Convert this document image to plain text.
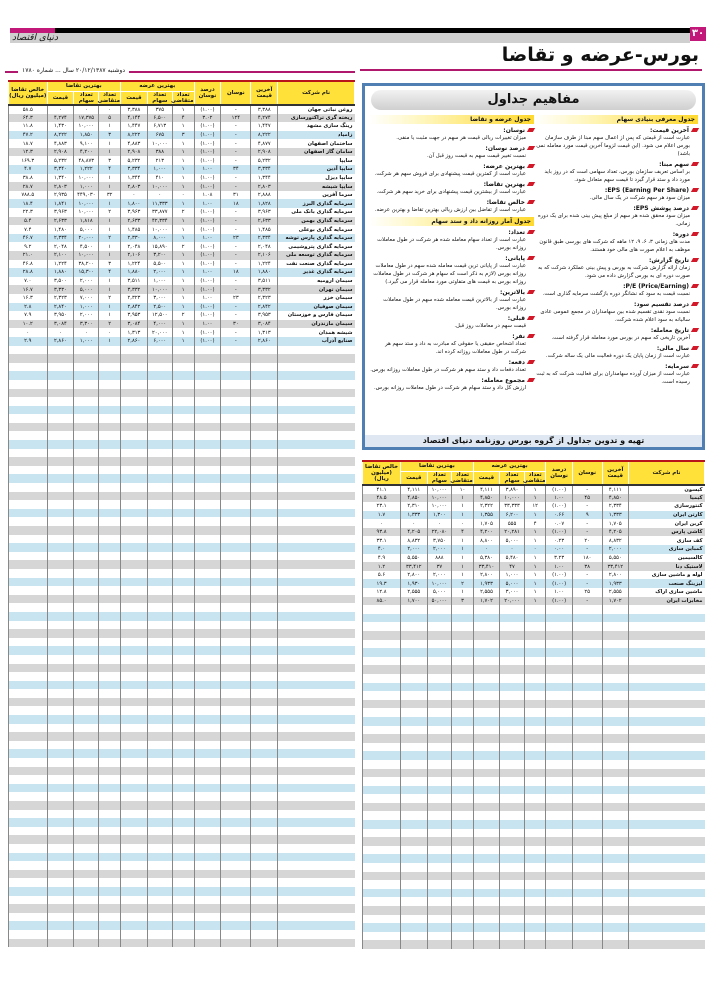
۳۰
دنیای اقتصاد
بورس-عرضه و تقاضا
دوشنبه ۲۰/۱۲/۱۳۸۷ سال ... شماره ۱۷۸۰
نام شرکت	آخرین قیمت	نوسان	درصد نوسان	بهترین عرضه			بهترین تقاضا			خالص تقاضا (میلیون ریال)
				تعداد متقاضی	تعداد سهام	قیمت	تعداد متقاضی	تعداد سهام	قیمت	
روغن نباتی جهان	۳,۳۸۸	-	(۱.۰۰)	۱	۳۷۵	۳,۳۸۸	۰	۰	۰	۵۸.۵
ریخته گری تراکتورسازی	۴,۲۷۴	۱۲۴	۳.۰۲	۴	۶,۵۰۰	۴,۱۴۴	۵	۱۷,۳۷۵	۴,۲۷۴	۶۴.۳
رینگ سازی مشهد	۱,۴۴۷	-	(۱.۰۰)	۱	۶,۷۱۳	۱,۴۴۷	۱	۱۰,۰۰۰	۱,۴۳۰	۱۱.۸
زامیاد	۸,۲۲۲	-	(۱.۰۰)	۳	۶۷۵	۸,۲۲۲	۳	۱,۸۵۰	۸,۲۲۲	۴۷.۲
ساختمان اصفهان	۴,۸۷۷	-	(۱.۰۰)	۱	۱۰,۰۰۰	۴,۸۸۳	۱	۹,۱۰۰	۴,۸۸۳	۱۸.۷
سامان گاز اصفهان	۲,۹۰۸	-	(۱.۰۰)	۱	۳۸۸	۲,۹۰۸	۱	۴,۲۰۰	۲,۹۰۸	۱۲.۳
سایپا	۵,۲۳۲	-	(۱.۰۰)	۱	۲۱۳	۵,۲۳۲	۳	۴۸,۸۷۳	۵,۲۳۲	۱۶۹.۳
سایپا آذین	۳,۳۳۴	۳۴	۱.۰۰	۱	۱,۰۰۰	۳,۳۳۴	۴	۱,۲۲۲	۳,۳۴۰	۴.۷
سایپا دیزل	۱,۳۴۴	-	(۱.۰۰)	۱	۴۱۰	۱,۳۴۴	۱	۱۰,۰۰۰	۱,۳۴۰	۳۸.۸
سایپا شیشه	۲,۸۰۳	-	(۱.۰۰)	۱	۱۰,۰۰۰	۲,۸۰۳	۱	۱,۰۰۰	۲,۸۰۳	۲۸.۷
سرما آفرین	۲,۸۸۸	۳۱	۱.۰۸	۰	۰	۰	۳۲	۴۴۹,۰۳۰	۲,۹۳۵	۷۸۸.۵
سرمایه گذاری البرز	۱,۸۲۸	۱۸	۱.۰۰	۱	۱۱,۳۳۳	۱,۸۰۰	۱	۱۰,۰۰۰	۱,۸۴۱	۱۸.۴
سرمایه گذاری بانک ملی	۳,۹۶۳	-	(۱.۰۰)	۲	۳۳,۸۷۷	۳,۹۶۳	۲	۱۰,۰۰۰	۳,۹۶۳	۲۲.۳
سرمایه گذاری بهمن	۲,۶۳۳	-	(۱.۰۰)	۱	۴۲,۳۳۴	۲,۶۳۳	۱	۱,۸۱۸	۲,۶۳۳	۵.۴
سرمایه گذاری بوعلی	۱,۴۸۵	-	(۱.۰۰)	۱	۱۰,۰۰۰	۱,۴۸۵	۱	۵,۰۰۰	۱,۴۸۰	۷.۴
سرمایه گذاری پارس توشه	۲,۳۳۴	۲۳	۱.۰۰	۱	۸,۰۰۰	۲,۳۳۰	۲	۲۰,۰۰۰	۲,۳۳۴	۴۶.۷
سرمایه گذاری پتروشیمی	۲,۰۴۸	-	(۱.۰۰)	۲	۱۵,۸۹۰	۲,۰۴۸	۱	۴,۵۰۰	۲,۰۴۸	۹.۲
سرمایه گذاری توسعه ملی	۲,۱۰۶	-	(۱.۰۰)	۱	۳,۲۰۰	۲,۱۰۶	۱	۱۰,۰۰۰	۲,۱۰۰	۲۱.۰
سرمایه گذاری صنعت نفت	۱,۲۲۴	-	(۱.۰۰)	۱	۵,۵۰۰	۱,۲۲۴	۳	۳۸,۲۰۰	۱,۲۲۴	۴۶.۸
سرمایه گذاری غدیر	۱,۸۸۰	۱۸	۱.۰۰	۱	۲,۰۰۰	۱,۸۸۰	۴	۱۵,۳۰۰	۱,۸۸۰	۲۸.۸
سیمان ارومیه	۳,۵۱۱	-	(۱.۰۰)	۱	۱,۰۰۰	۳,۵۱۱	۱	۲,۰۰۰	۳,۵۰۰	۷.۰
سیمان تهران	۳,۳۳۲	-	(۱.۰۰)	۱	۱۰,۰۰۰	۳,۳۳۲	۱	۵,۰۰۰	۳,۳۳۰	۱۶.۷
سیمان خزر	۲,۳۲۳	۲۳	۱.۰۰	۱	۳,۰۰۰	۲,۳۲۳	۲	۷,۰۰۰	۲,۳۲۳	۱۶.۳
سیمان صوفیان	۲,۸۴۲	-	(۱.۰۰)	۱	۲,۵۰۰	۲,۸۴۲	۱	۱,۰۰۰	۲,۸۴۰	۲.۸
سیمان فارس و خوزستان	۳,۹۵۳	-	(۱.۰۰)	۲	۱۲,۵۰۰	۳,۹۵۳	۱	۲,۰۰۰	۳,۹۵۰	۷.۹
سیمان مازندران	۳,۰۸۴	۳۰	۱.۰۰	۱	۴,۰۰۰	۳,۰۸۴	۲	۳,۳۰۰	۳,۰۸۴	۱۰.۲
شیشه همدان	۱,۳۱۳	-	(۱.۰۰)	۱	۲۰,۰۰۰	۱,۳۱۳	۰	۰	۰	۰
صنایع آذرآب	۲,۸۶۰	-	(۱.۰۰)	۱	۶,۰۰۰	۲,۸۶۰	۱	۱,۰۰۰	۲,۸۶۰	۲.۹

نام شرکت	آخرین قیمت	نوسان	درصد نوسان	بهترین عرضه			بهترین تقاضا			خالص تقاضا (میلیون ریال)
				تعداد متقاضی	تعداد سهام	قیمت	تعداد متقاضی	تعداد سهام	قیمت	
کیسون	۴,۱۱۱	-	(۱.۰۰)	۱	۳,۸۹۰	۴,۱۱۱	۱۰	۱۰,۰۰۰	۴,۱۱۱	۴۱.۱
کیمیا	۴,۸۵۰	۴۵	۱.۰۰	۱	۱۰,۰۰۰	۴,۸۵۰	۱	۱۰,۰۰۰	۴,۸۵۰	۴۸.۵
کنتورسازی	۲,۳۳۴	-	(۱.۰۰)	۱۲	۳۳,۳۳۳	۲,۳۲۲	۱	۱۰,۰۰۰	۲,۳۱۰	۲۳.۱
کارتن ایران	۱,۳۳۳	۹	۰.۶۶	۱	۶,۲۰۰	۱,۳۵۵	۱	۱,۳۰۰	۱,۳۳۳	۱.۷
کربن ایران	۱,۷۰۵	-	۰.۰۷	۴	۵۵۵	۱,۷۰۵	۰	۰	۰	۰
کاشی پارس	۴,۲۰۵	-	(۱.۰۰)	۱	۲۰,۲۸۱	۴,۲۰۰	۴	۲۲,۰۸۰	۴,۲۰۵	۹۳.۸
کف سازی	۸,۸۳۲	۲۰	۰.۲۳	۱	۵,۰۰۰	۸,۸۰۰	۱	۳,۷۵۰	۸,۸۳۲	۳۳.۱
کمباین سازی	۲,۰۰۰	-	۰.۰۰	۰	۰	۰	۱	۲,۰۰۰	۲,۰۰۰	۴.۰
کالسیمین	۵,۵۵۰	۱۸۰	۳.۲۳	۱	۵,۴۸۰	۵,۳۸۰	۱	۸۸۸	۵,۵۵۰	۴.۹
لاستیک دنا	۳۳,۴۱۲	۳۸	۱.۰۰	۱	۴۷	۳۳,۴۱۰	۱	۳۷	۳۳,۴۱۲	۱.۲
لوله و ماشین سازی	۲,۸۰۰	-	(۱.۰۰)	۱	۱,۰۰۰	۲,۸۰۰	۱	۲,۰۰۰	۲,۸۰۰	۵.۶
لیزینگ صنعت	۱,۹۳۳	-	(۱.۰۰)	۱	۵,۰۰۰	۱,۹۳۳	۲	۱۰,۰۰۰	۱,۹۳۰	۱۹.۳
ماشین سازی اراک	۲,۵۵۵	۲۵	۱.۰۰	۱	۳,۰۰۰	۲,۵۵۵	۱	۵,۰۰۰	۲,۵۵۵	۱۲.۸
مخابرات ایران	۱,۷۰۲	-	(۱.۰۰)	۱	۲۰,۰۰۰	۱,۷۰۲	۳	۵۰,۰۰۰	۱,۷۰۰	۸۵.۰

مفاهیم جداول
جدول معرفی بنیادی سهام
آخرین قیمت:
عبارت است از قیمتی که پس از اعمال سهم مبنا از طرف سازمان بورس اعلام می شود. (این قیمت لزوما آخرین قیمت مورد معامله نمی باشد)
سهم مبنا:
بر اساس تعریف سازمان بورس، تعداد سهامی است که در روز باید مورد داد و ستد قرار گیرد تا قیمت سهم متعادل شود.
EPS (Earning Per Share):
میزان سود هر سهم شرکت در یک سال مالی.
درصد پوشش EPS:
میزان سود محقق شده هر سهم از مبلغ پیش بینی شده برای یک دوره زمانی.
دوره:
مدت های زمانی ۳، ۶، ۹، ۱۲ ماهه که شرکت های بورسی طبق قانون موظف به اعلام صورت های مالی خود هستند.
تاریخ گزارش:
زمان ارائه گزارش شرکت به بورس و پیش بینی عملکرد شرکت که به صورت دوره ای به بورس گزارش داده می شود.
P/E (Price/Earning):
نسبت قیمت به سود که نشانگر دوره بازگشت سرمایه گذاری است.
درصد تقسیم سود:
نسبت سود نقدی تقسیم شده بین سهامداران در مجمع عمومی عادی سالیانه به سود اعلام شده شرکت.
تاریخ معامله:
آخرین تاریخی که سهم در بورس مورد معامله قرار گرفته است.
سال مالی:
عبارت است از زمان پایان یک دوره فعالیت مالی یک ساله شرکت.
سرمایه:
عبارت است از میزان آورده سهامداران برای فعالیت شرکت که به ثبت رسیده است.
جدول عرضه و تقاضا
نوسان:
میزان تغییرات ریالی قیمت هر سهم در جهت مثبت یا منفی.
درصد نوسان:
نسبت تغییر قیمت سهم به قیمت روز قبل آن.
بهترین عرضه:
عبارت است از کمترین قیمت پیشنهادی برای فروش سهم هر شرکت.
بهترین تقاضا:
عبارت است از بیشترین قیمت پیشنهادی برای خرید سهم هر شرکت.
خالص تقاضا:
عبارت است از تفاضل بین ارزش ریالی بهترین تقاضا و بهترین عرضه.
جدول آمار روزانه داد و ستد سهام
تعداد:
عبارت است از تعداد سهام معامله شده هر شرکت در طول معاملات روزانه بورس.
پایانی:
عبارت است از پایانی ترین قیمت معامله شده سهم در طول معاملات روزانه بورس (لازم به ذکر است که سهام هر شرکت در طول معاملات روزانه بورس به قیمت های متفاوتی مورد معامله قرار می گیرد.)
بالاترین:
عبارت است از بالاترین قیمت معامله شده سهم در طول معاملات روزانه بورس.
قبلی:
قیمت سهم در معاملات روز قبل.
نفر:
تعداد اشخاص حقیقی یا حقوقی که مبادرت به داد و ستد سهم هر شرکت در طول معاملات روزانه کرده اند.
دفعه:
تعداد دفعات داد و ستد سهم هر شرکت در طول معاملات روزانه بورس.
مجموع معامله:
ارزش کل داد و ستد سهام هر شرکت در طول معاملات روزانه بورس.
تهیه و تدوین جداول از گروه بورس روزنامه دنیای اقتصاد
